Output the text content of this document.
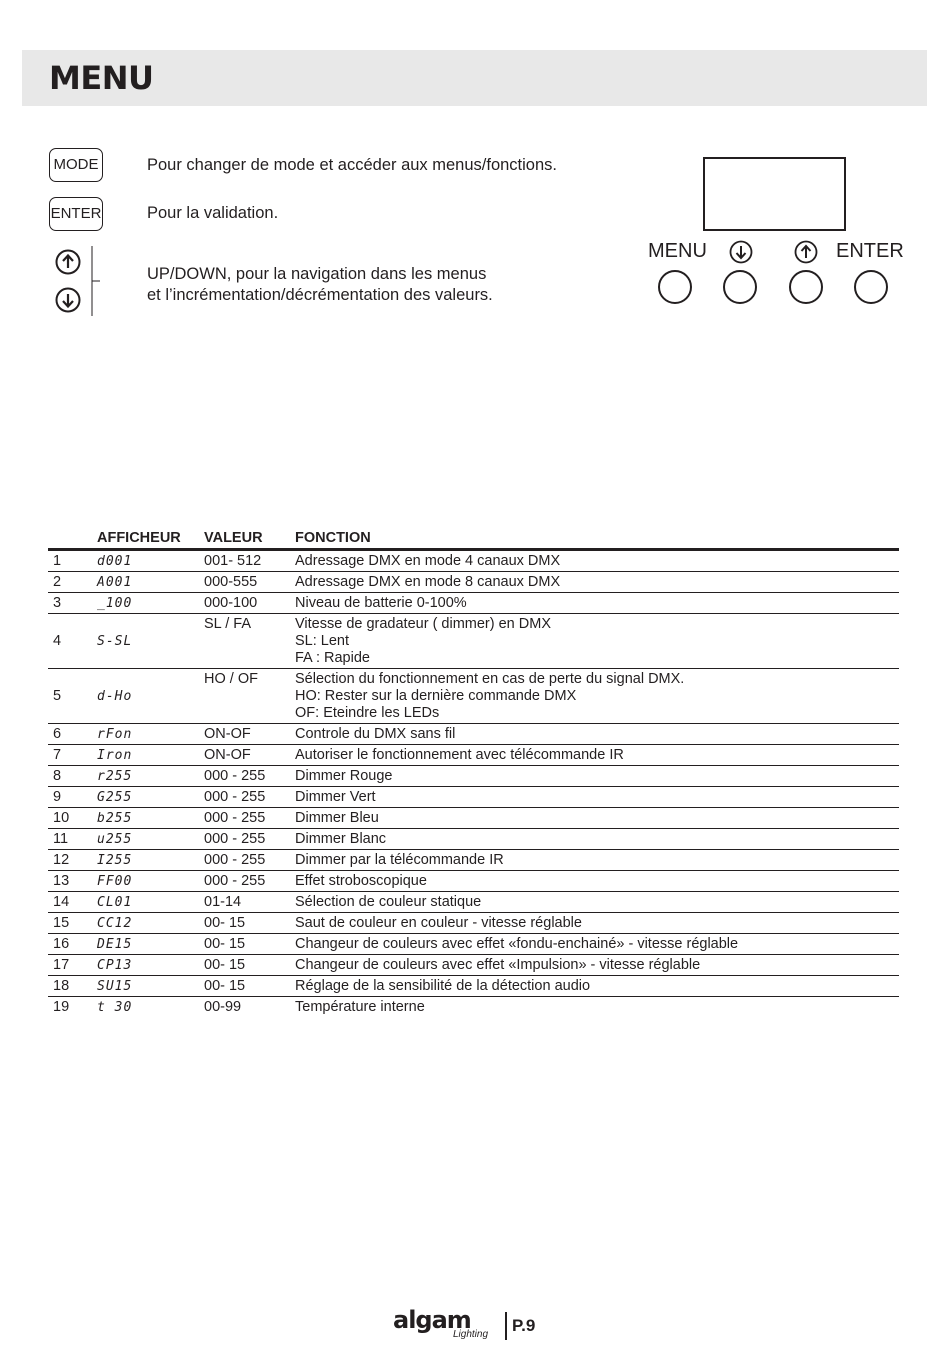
MENU
MODE	Pour changer de mode et accéder aux menus/fonctions.
ENTER	Pour la validation.
UP/DOWN, pour la navigation dans les menus
et l’incrémentation/décrémentation des valeurs.
MENU	ENTER
	AFFICHEUR	VALEUR	FONCTION
1	d001	001- 512	Adressage DMX en mode 4 canaux DMX

2	A001	000-555	Adressage DMX en mode 8 canaux DMX

3	_100	000-100	Niveau de batterie 0-100%

4	S-SL	SL / FA	Vitesse de gradateur ( dimmer) en DMX
SL: Lent
FA : Rapide

5	d-Ho	HO / OF	Sélection du fonctionnement en cas de perte du signal DMX.
HO: Rester sur la dernière commande DMX
OF: Eteindre les LEDs

6	rFon	ON-OF	Controle du DMX sans fil

7	Iron	ON-OF	Autoriser le fonctionnement avec télécommande IR

8	r255	000 - 255	Dimmer Rouge

9	G255	000 - 255	Dimmer Vert

10	b255	000 - 255	Dimmer Bleu

11	u255	000 - 255	Dimmer Blanc

12	I255	000 - 255	Dimmer par la télécommande IR

13	FF00	000 - 255	Effet stroboscopique

14	CL01	01-14	Sélection de couleur statique

15	CC12	00- 15	Saut de couleur en couleur - vitesse réglable

16	DE15	00- 15	Changeur de couleurs avec effet «fondu-enchainé» - vitesse réglable

17	CP13	00- 15	Changeur de couleurs avec effet «Impulsion» - vitesse réglable

18	SU15	00- 15	Réglage de la sensibilité de la détection audio

19	t 30	00-99	Température interne
algam
Lighting P.9
